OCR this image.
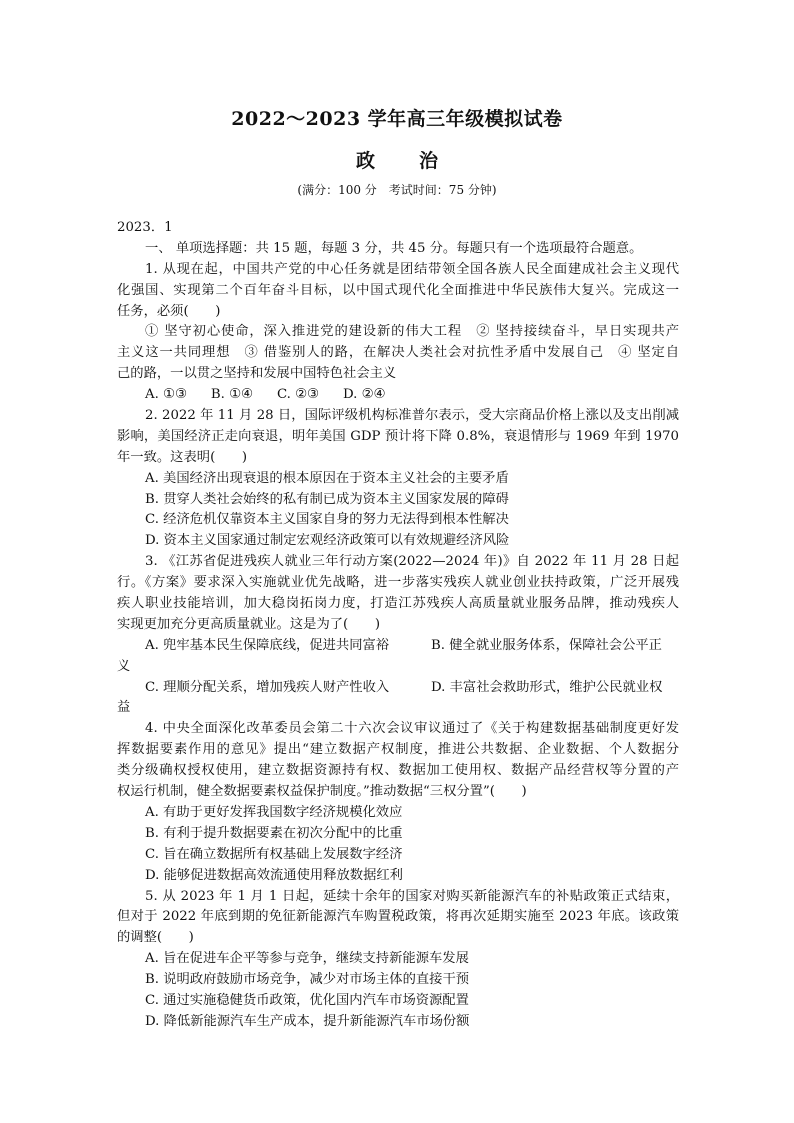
2022～2023 学年高三年级模拟试卷
政治
(满分：100 分　考试时间：75 分钟)
2023．1
一、 单项选择题：共 15 题，每题 3 分，共 45 分。每题只有一个选项最符合题意。
1. 从现在起，中国共产党的中心任务就是团结带领全国各族人民全面建成社会主义现代
化强国、实现第二个百年奋斗目标，以中国式现代化全面推进中华民族伟大复兴。完成这一
任务，必须(　　)
① 坚守初心使命，深入推进党的建设新的伟大工程　② 坚持接续奋斗，早日实现共产
主义这一共同理想　③ 借鉴别人的路，在解决人类社会对抗性矛盾中发展自己　④ 坚定自
己的路，一以贯之坚持和发展中国特色社会主义
A. ①③ B. ①④ C. ②③ D. ②④
2. 2022 年 11 月 28 日，国际评级机构标准普尔表示，受大宗商品价格上涨以及支出削减
影响，美国经济正走向衰退，明年美国 GDP 预计将下降 0.8%，衰退情形与 1969 年到 1970
年一致。这表明(　　)
A. 美国经济出现衰退的根本原因在于资本主义社会的主要矛盾
B. 贯穿人类社会始终的私有制已成为资本主义国家发展的障碍
C. 经济危机仅靠资本主义国家自身的努力无法得到根本性解决
D. 资本主义国家通过制定宏观经济政策可以有效规避经济风险
3. 《江苏省促进残疾人就业三年行动方案(2022—2024 年)》自 2022 年 11 月 28 日起
行。《方案》要求深入实施就业优先战略，进一步落实残疾人就业创业扶持政策，广泛开展残
疾人职业技能培训，加大稳岗拓岗力度，打造江苏残疾人高质量就业服务品牌，推动残疾人
实现更加充分更高质量就业。这是为了(　　)
A. 兜牢基本民生保障底线，促进共同富裕	B. 健全就业服务体系，保障社会公平正
义
C. 理顺分配关系，增加残疾人财产性收入	D. 丰富社会救助形式，维护公民就业权
益
4. 中央全面深化改革委员会第二十六次会议审议通过了《关于构建数据基础制度更好发
挥数据要素作用的意见》提出“建立数据产权制度，推进公共数据、企业数据、个人数据分
类分级确权授权使用，建立数据资源持有权、数据加工使用权、数据产品经营权等分置的产
权运行机制，健全数据要素权益保护制度。”推动数据“三权分置”(　　)
A. 有助于更好发挥我国数字经济规模化效应
B. 有利于提升数据要素在初次分配中的比重
C. 旨在确立数据所有权基础上发展数字经济
D. 能够促进数据高效流通使用释放数据红利
5. 从 2023 年 1 月 1 日起，延续十余年的国家对购买新能源汽车的补贴政策正式结束，
但对于 2022 年底到期的免征新能源汽车购置税政策，将再次延期实施至 2023 年底。该政策
的调整(　　)
A. 旨在促进车企平等参与竞争，继续支持新能源车发展
B. 说明政府鼓励市场竞争，减少对市场主体的直接干预
C. 通过实施稳健货币政策，优化国内汽车市场资源配置
D. 降低新能源汽车生产成本，提升新能源汽车市场份额
